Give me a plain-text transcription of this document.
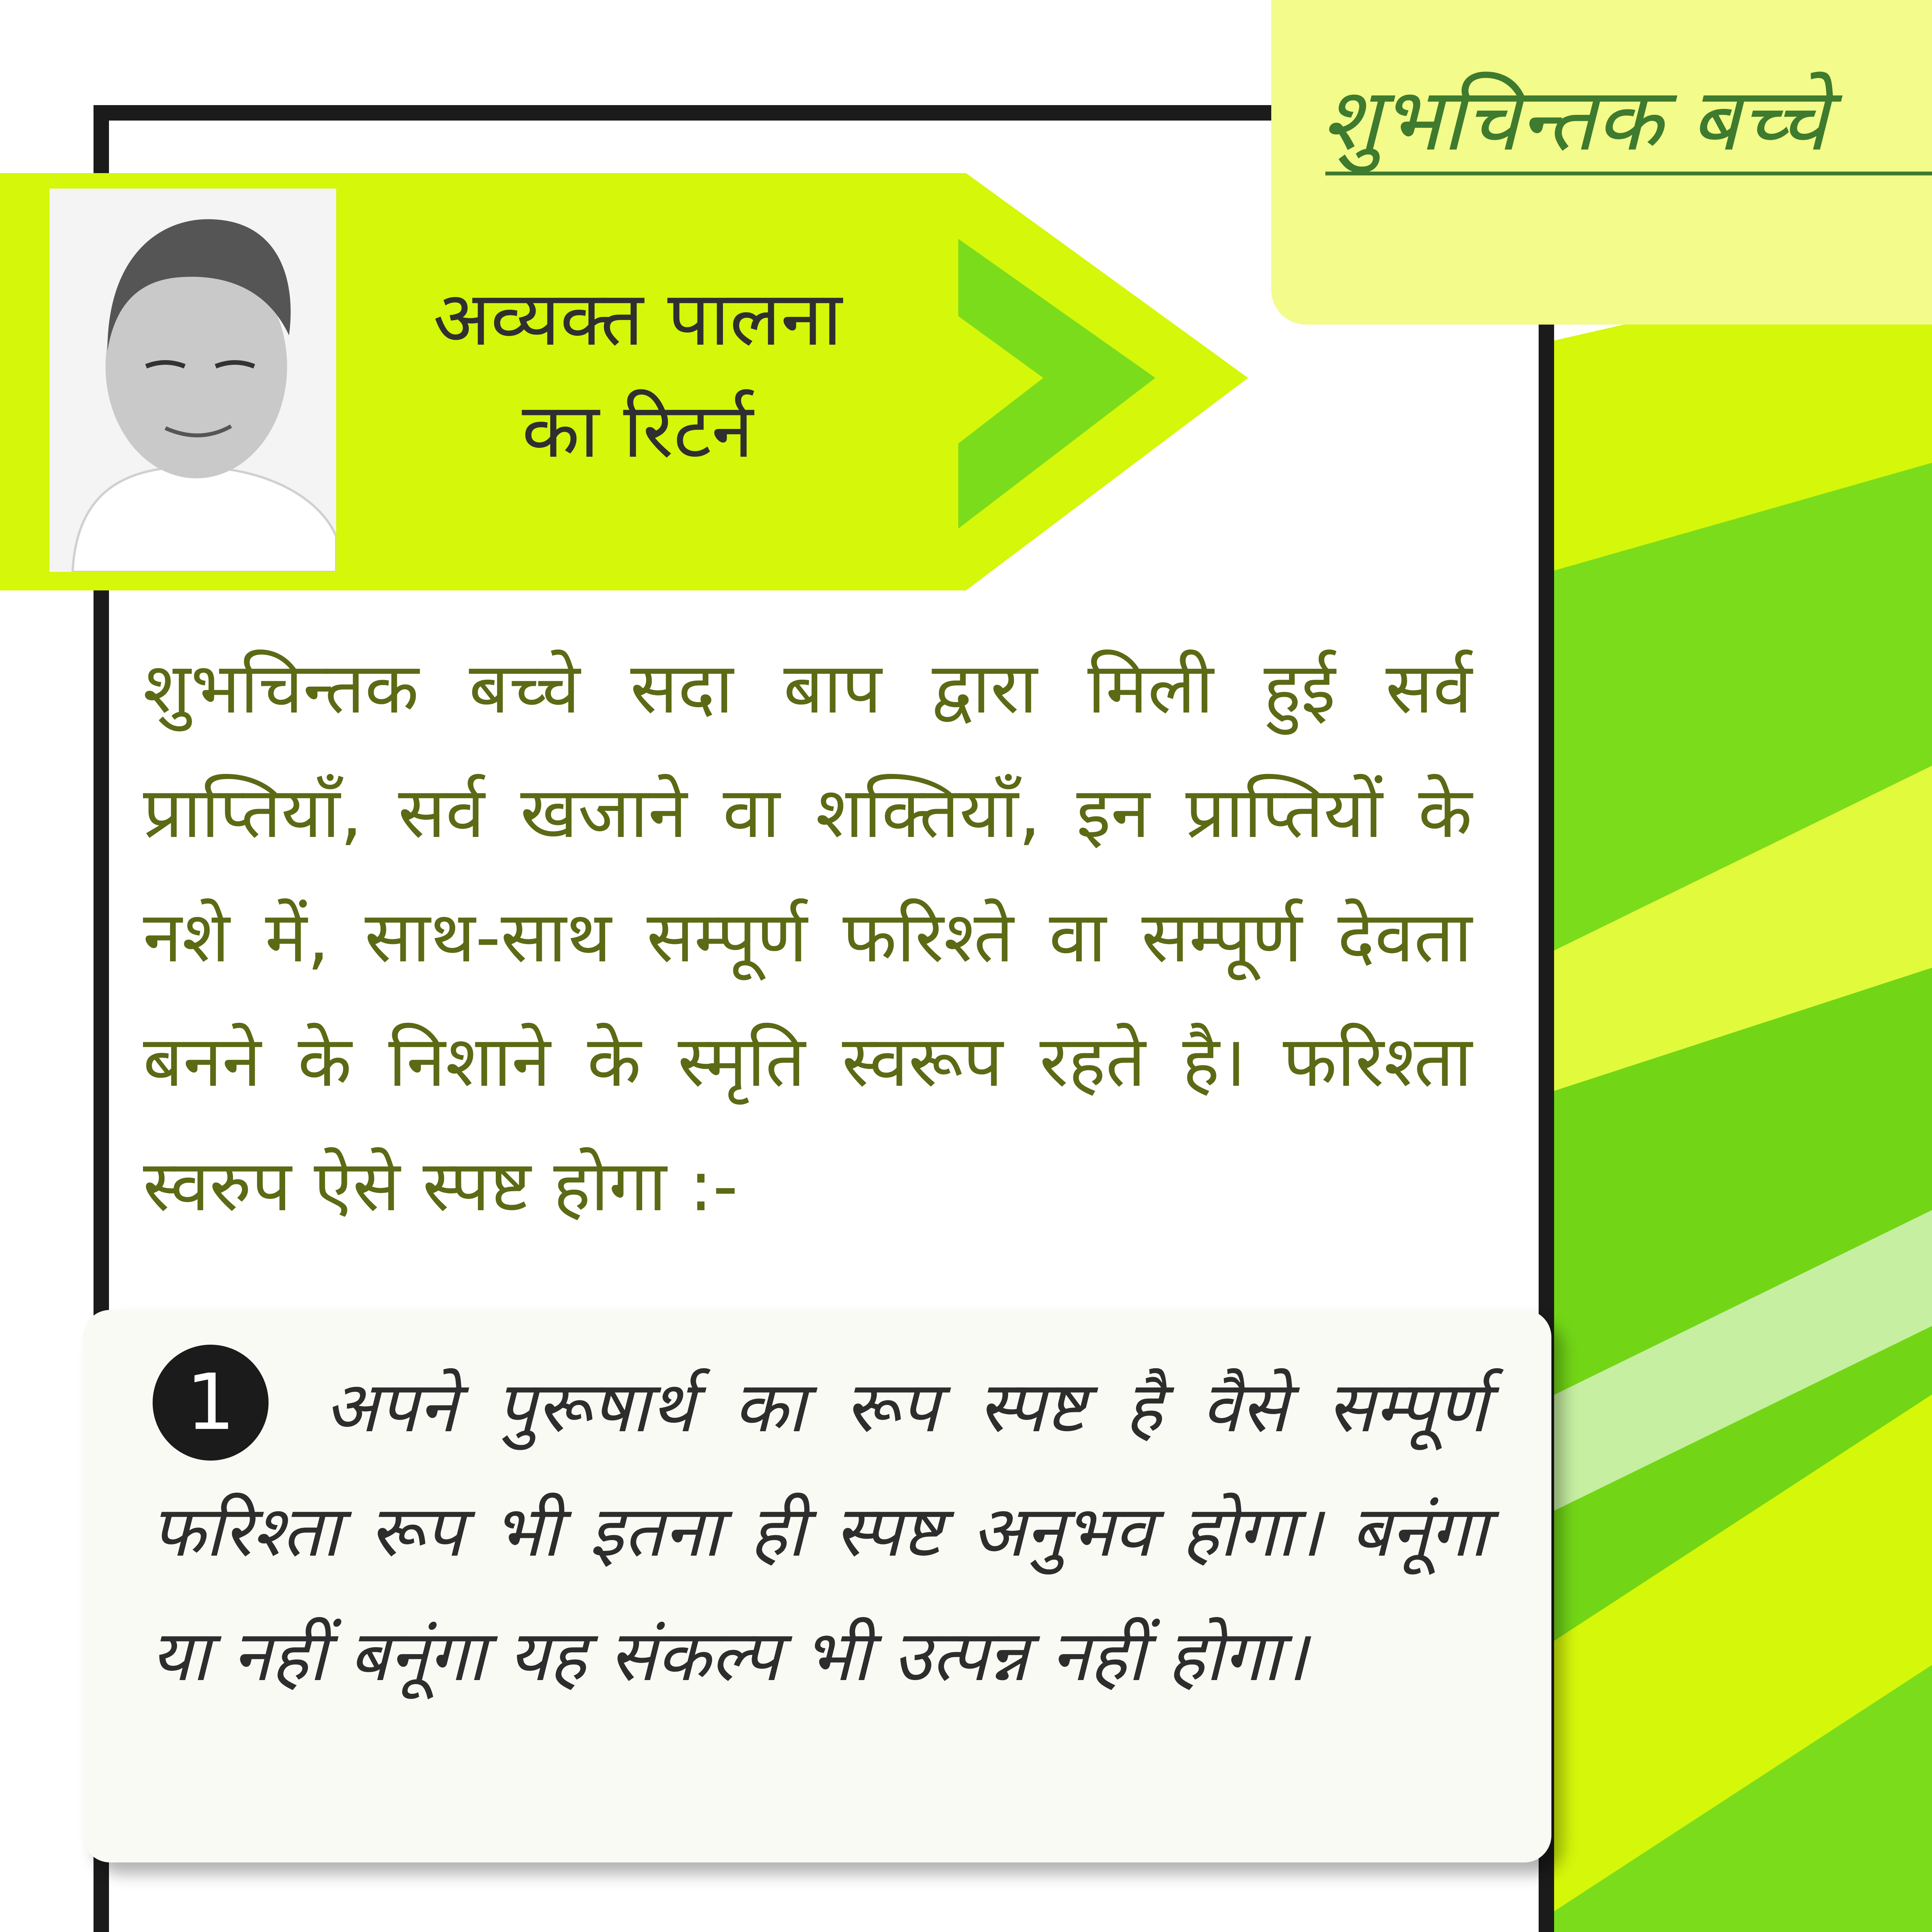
शुभचिन्तक बच्चे
अव्यक्त पालना
का रिटर्न
शुभचिन्तक बच्चे सदा बाप द्वारा मिली हुई सर्व प्राप्तियाँ, सर्व खजाने वा शक्तियाँ, इन प्राप्तियों के नशे में, साथ-साथ सम्पूर्ण फरिश्ते वा सम्पूर्ण देवता बनने के निशाने के स्मृति स्वरूप रहते है। फरिश्ता स्वरुप ऐसे स्पष्ट होगा :-
1	अपने पुरूषार्थ का रूप स्पष्ट है वैसे सम्पूर्ण फरिश्ता रूप भी इतना ही स्पष्ट अनुभव होगा। बनूंगा या नहीं बनूंगा यह संकल्प भी उत्पन्न नहीं होगा।
